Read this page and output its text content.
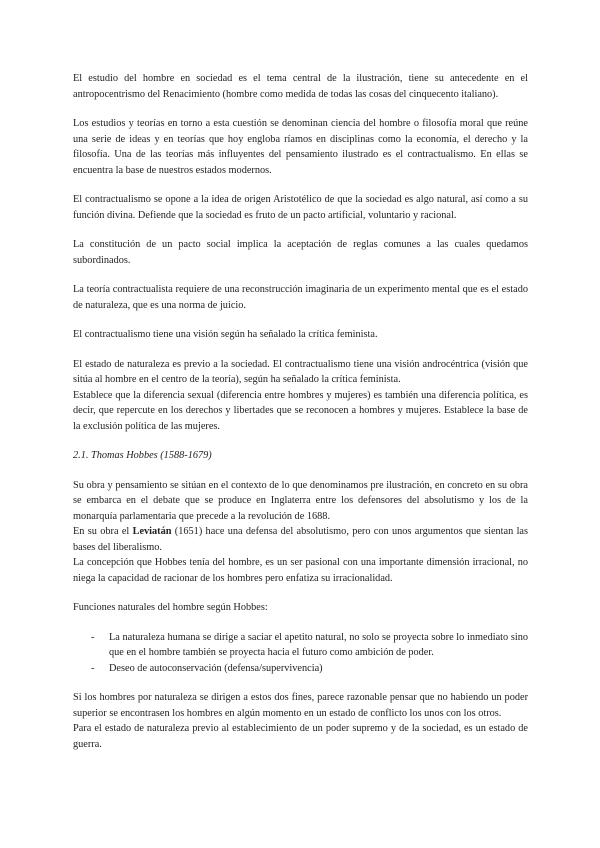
El estudio del hombre en sociedad es el tema central de la ilustración, tiene su antecedente en el antropocentrismo del Renacimiento (hombre como medida de todas las cosas del cinquecento italiano).

Los estudios y teorías en torno a esta cuestión se denominan ciencia del hombre o filosofía moral que reúne una serie de ideas y en teorías que hoy engloba ríamos en disciplinas como la economía, el derecho y la filosofía. Una de las teorías más influyentes del pensamiento ilustrado es el contractualismo. En ellas se encuentra la base de nuestros estados modernos.

El contractualismo se opone a la idea de origen Aristotélico de que la sociedad es algo natural, así como a su función divina. Defiende que la sociedad es fruto de un pacto artificial, voluntario y racional.

La constitución de un pacto social implica la aceptación de reglas comunes a las cuales quedamos subordinados.

La teoría contractualista requiere de una reconstrucción imaginaria de un experimento mental que es el estado de naturaleza, que es una norma de juicio.

El contractualismo tiene una visión según ha señalado la crítica feminista.

El estado de naturaleza es previo a la sociedad. El contractualismo tiene una visión androcéntrica (visión que sitúa al hombre en el centro de la teoría), según ha señalado la crítica feminista.

Establece que la diferencia sexual (diferencia entre hombres y mujeres) es también una diferencia política, es decir, que repercute en los derechos y libertades que se reconocen a hombres y mujeres. Establece la base de la exclusión política de las mujeres.

2.1. Thomas Hobbes (1588-1679)

Su obra y pensamiento se sitúan en el contexto de lo que denominamos pre ilustración, en concreto en su obra se embarca en el debate que se produce en Inglaterra entre los defensores del absolutismo y los de la monarquía parlamentaria que precede a la revolución de 1688.

En su obra el Leviatán (1651) hace una defensa del absolutismo, pero con unos argumentos que sientan las bases del liberalismo.

La concepción que Hobbes tenía del hombre, es un ser pasional con una importante dimensión irracional, no niega la capacidad de racionar de los hombres pero enfatiza su irracionalidad.

Funciones naturales del hombre según Hobbes:

- La naturaleza humana se dirige a saciar el apetito natural, no solo se proyecta sobre lo inmediato sino que en el hombre también se proyecta hacia el futuro como ambición de poder.
- Deseo de autoconservación (defensa/supervivencia)

Si los hombres por naturaleza se dirigen a estos dos fines, parece razonable pensar que no habiendo un poder superior se encontrasen los hombres en algún momento en un estado de conflicto los unos con los otros.

Para el estado de naturaleza previo al establecimiento de un poder supremo y de la sociedad, es un estado de guerra.
